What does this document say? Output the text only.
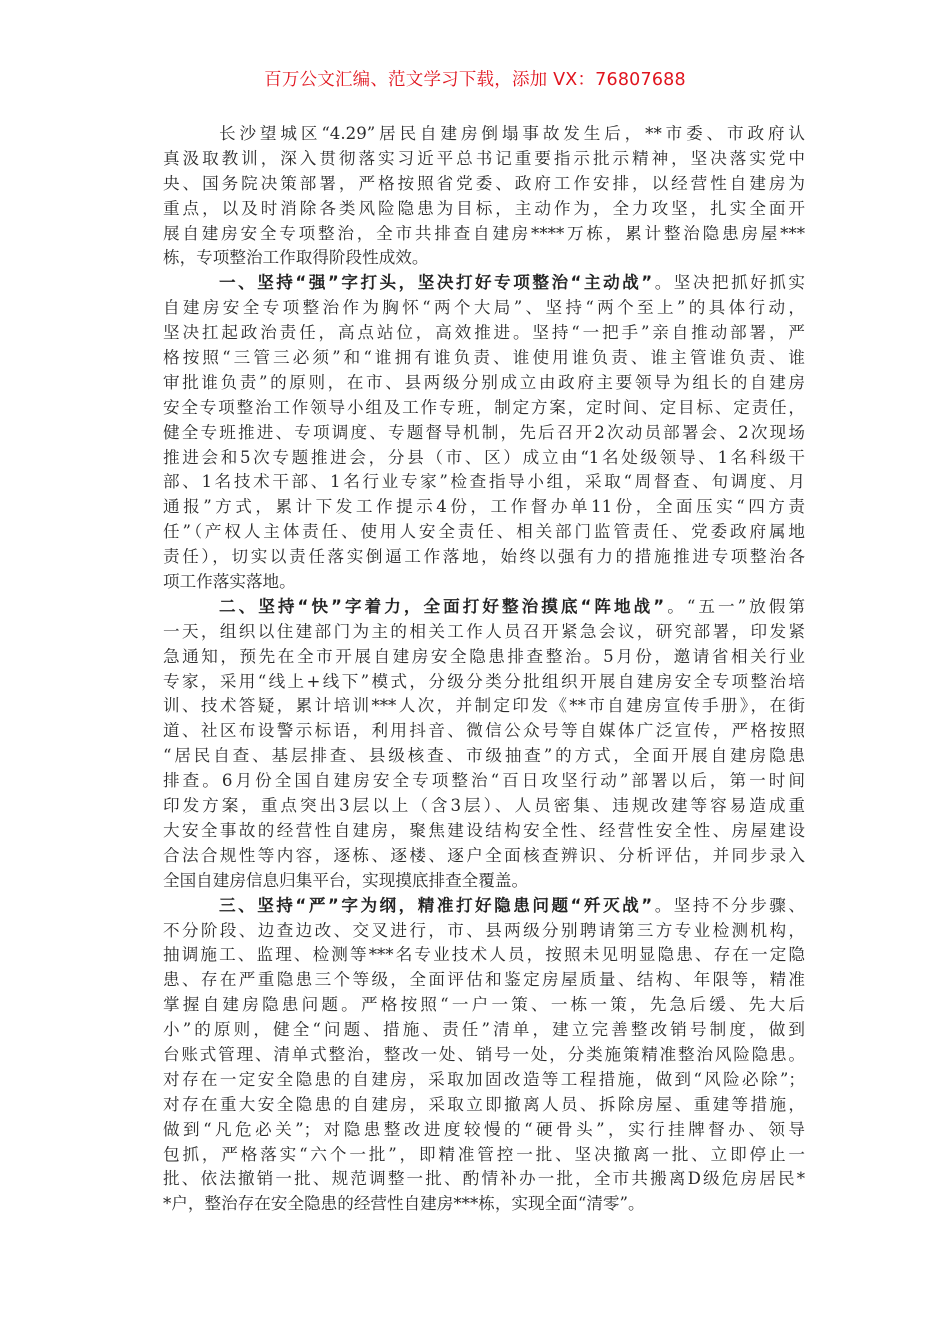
百万公文汇编、范文学习下载，添加 VX：76807688
长沙望城区“4.29”居民自建房倒塌事故发生后，**市委、市政府认
真汲取教训，深入贯彻落实习近平总书记重要指示批示精神，坚决落实党中
央、国务院决策部署，严格按照省党委、政府工作安排，以经营性自建房为
重点，以及时消除各类风险隐患为目标，主动作为，全力攻坚，扎实全面开
展自建房安全专项整治，全市共排查自建房****万栋，累计整治隐患房屋***
栋，专项整治工作取得阶段性成效。
一、坚持“强”字打头，坚决打好专项整治“主动战”。坚决把抓好抓实
自建房安全专项整治作为胸怀“两个大局”、坚持“两个至上”的具体行动，
坚决扛起政治责任，高点站位，高效推进。坚持“一把手”亲自推动部署，严
格按照“三管三必须”和“谁拥有谁负责、谁使用谁负责、谁主管谁负责、谁
审批谁负责”的原则，在市、县两级分别成立由政府主要领导为组长的自建房
安全专项整治工作领导小组及工作专班，制定方案，定时间、定目标、定责任，
健全专班推进、专项调度、专题督导机制，先后召开2次动员部署会、2次现场
推进会和5次专题推进会，分县（市、区）成立由“1名处级领导、1名科级干
部、1名技术干部、1名行业专家”检查指导小组，采取“周督查、旬调度、月
通报”方式，累计下发工作提示4份，工作督办单11份，全面压实“四方责
任”（产权人主体责任、使用人安全责任、相关部门监管责任、党委政府属地
责任），切实以责任落实倒逼工作落地，始终以强有力的措施推进专项整治各
项工作落实落地。
二、坚持“快”字着力，全面打好整治摸底“阵地战”。“五一”放假第
一天，组织以住建部门为主的相关工作人员召开紧急会议，研究部署，印发紧
急通知，预先在全市开展自建房安全隐患排查整治。5月份，邀请省相关行业
专家，采用“线上+线下”模式，分级分类分批组织开展自建房安全专项整治培
训、技术答疑，累计培训***人次，并制定印发《**市自建房宣传手册》，在街
道、社区布设警示标语，利用抖音、微信公众号等自媒体广泛宣传，严格按照
“居民自查、基层排查、县级核查、市级抽查”的方式，全面开展自建房隐患
排查。6月份全国自建房安全专项整治“百日攻坚行动”部署以后，第一时间
印发方案，重点突出3层以上（含3层）、人员密集、违规改建等容易造成重
大安全事故的经营性自建房，聚焦建设结构安全性、经营性安全性、房屋建设
合法合规性等内容，逐栋、逐楼、逐户全面核查辨识、分析评估，并同步录入
全国自建房信息归集平台，实现摸底排查全覆盖。
三、坚持“严”字为纲，精准打好隐患问题“歼灭战”。坚持不分步骤、
不分阶段、边查边改、交叉进行，市、县两级分别聘请第三方专业检测机构，
抽调施工、监理、检测等***名专业技术人员，按照未见明显隐患、存在一定隐
患、存在严重隐患三个等级，全面评估和鉴定房屋质量、结构、年限等，精准
掌握自建房隐患问题。严格按照“一户一策、一栋一策，先急后缓、先大后
小”的原则，健全“问题、措施、责任”清单，建立完善整改销号制度，做到
台账式管理、清单式整治，整改一处、销号一处，分类施策精准整治风险隐患。
对存在一定安全隐患的自建房，采取加固改造等工程措施，做到“风险必除”；
对存在重大安全隐患的自建房，采取立即撤离人员、拆除房屋、重建等措施，
做到“凡危必关”；对隐患整改进度较慢的“硬骨头”，实行挂牌督办、领导
包抓，严格落实“六个一批”，即精准管控一批、坚决撤离一批、立即停止一
批、依法撤销一批、规范调整一批、酌情补办一批，全市共搬离D级危房居民*
*户，整治存在安全隐患的经营性自建房***栋，实现全面“清零”。
